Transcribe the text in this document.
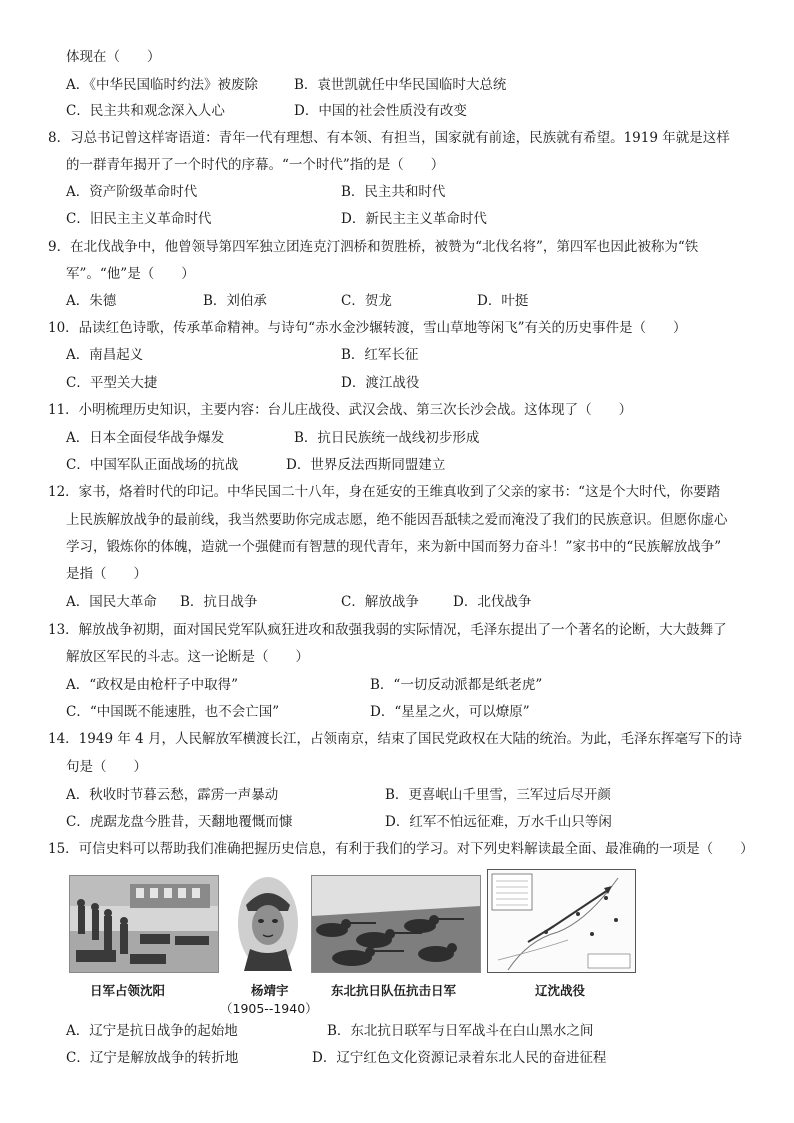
体现在（　　）
A．《中华民国临时约法》被废除	B．袁世凯就任中华民国临时大总统
C．民主共和观念深入人心	D．中国的社会性质没有改变
8．习总书记曾这样寄语道：青年一代有理想、有本领、有担当，国家就有前途，民族就有希望。1919 年就是这样
的一群青年揭开了一个时代的序幕。“一个时代”指的是（　　）
A．资产阶级革命时代	B．民主共和时代
C．旧民主主义革命时代	D．新民主主义革命时代
9．在北伐战争中，他曾领导第四军独立团连克汀泗桥和贺胜桥，被赞为“北伐名将”，第四军也因此被称为“铁
军”。“他”是（　　）
A．朱德	B．刘伯承	C．贺龙	D．叶挺
10．品读红色诗歌，传承革命精神。与诗句“赤水金沙辗转渡，雪山草地等闲飞”有关的历史事件是（　　）
A．南昌起义	B．红军长征
C．平型关大捷	D．渡江战役
11．小明梳理历史知识，主要内容：台儿庄战役、武汉会战、第三次长沙会战。这体现了（　　）
A．日本全面侵华战争爆发	B．抗日民族统一战线初步形成
C．中国军队正面战场的抗战	D．世界反法西斯同盟建立
12．家书，烙着时代的印记。中华民国二十八年，身在延安的王维真收到了父亲的家书：“这是个大时代，你要踏
上民族解放战争的最前线，我当然要助你完成志愿，绝不能因吾舐犊之爱而淹没了我们的民族意识。但愿你虚心
学习，锻炼你的体魄，造就一个强健而有智慧的现代青年，来为新中国而努力奋斗！”家书中的“民族解放战争”
是指（　　）
A．国民大革命 B．抗日战争	C．解放战争	D．北伐战争
13．解放战争初期，面对国民党军队疯狂进攻和敌强我弱的实际情况，毛泽东提出了一个著名的论断，大大鼓舞了
解放区军民的斗志。这一论断是（　　）
A．“政权是由枪杆子中取得”	B．“一切反动派都是纸老虎”
C．“中国既不能速胜，也不会亡国”	D．“星星之火，可以燎原”
14．1949 年 4 月，人民解放军横渡长江，占领南京，结束了国民党政权在大陆的统治。为此，毛泽东挥毫写下的诗
句是（　　）
A．秋收时节暮云愁，霹雳一声暴动	B．更喜岷山千里雪，三军过后尽开颜
C．虎踞龙盘今胜昔，天翻地覆慨而慷	D．红军不怕远征难，万水千山只等闲
15．可信史料可以帮助我们准确把握历史信息，有利于我们的学习。对下列史料解读最全面、最准确的一项是（　　）
日军占领沈阳	杨靖宇
（1905--1940）
东北抗日队伍抗击日军	辽沈战役
A．辽宁是抗日战争的起始地	B．东北抗日联军与日军战斗在白山黑水之间
C．辽宁是解放战争的转折地	D．辽宁红色文化资源记录着东北人民的奋进征程
